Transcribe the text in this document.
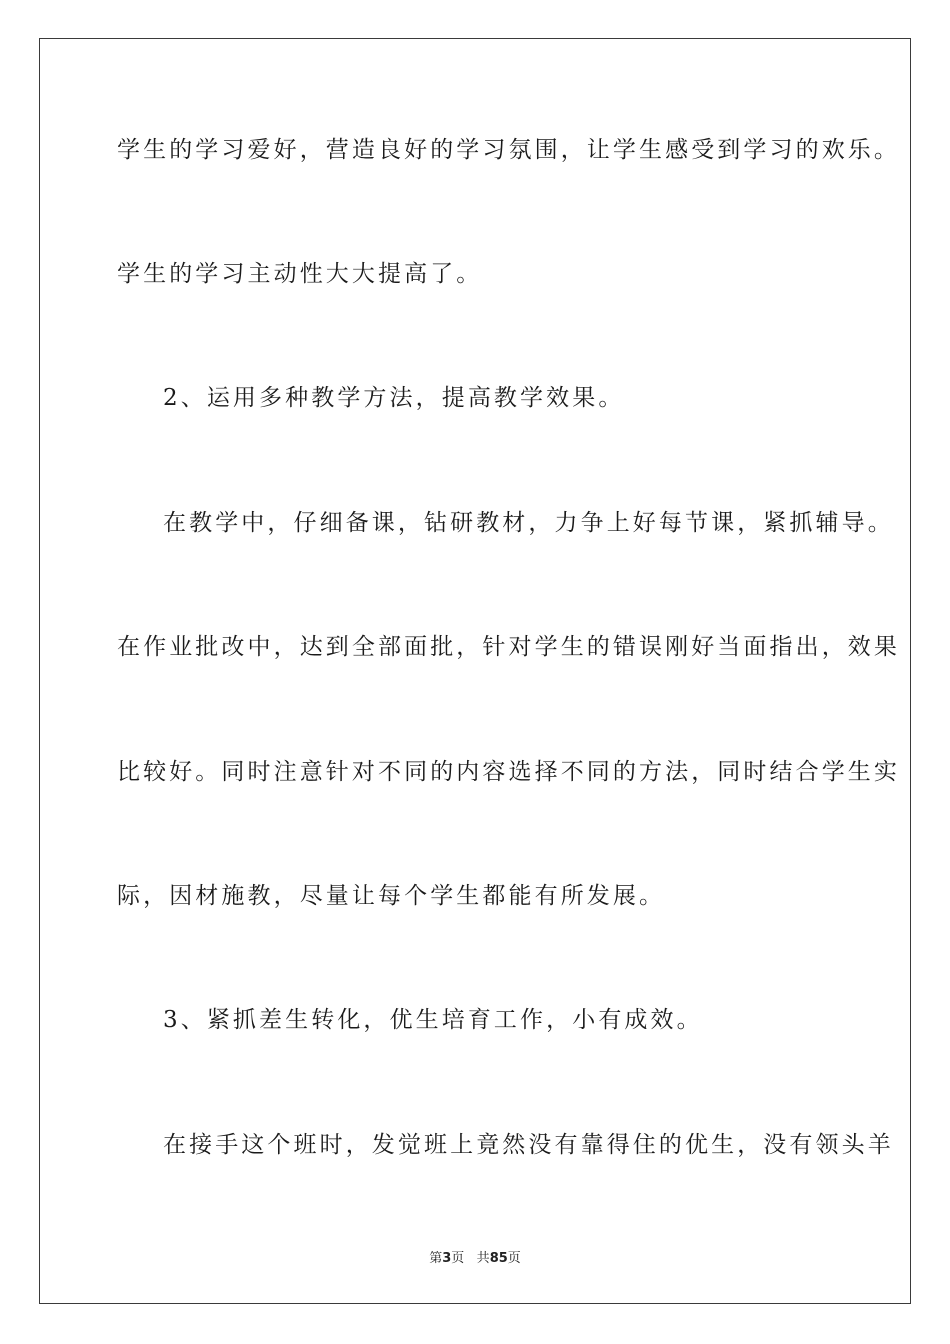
学生的学习爱好，营造良好的学习氛围，让学生感受到学习的欢乐。
学生的学习主动性大大提高了。
2、运用多种教学方法，提高教学效果。
在教学中，仔细备课，钻研教材，力争上好每节课，紧抓辅导。
在作业批改中，达到全部面批，针对学生的错误刚好当面指出，效果
比较好。同时注意针对不同的内容选择不同的方法，同时结合学生实
际，因材施教，尽量让每个学生都能有所发展。
3、紧抓差生转化，优生培育工作，小有成效。
在接手这个班时，发觉班上竟然没有靠得住的优生，没有领头羊
第3页 共85页
